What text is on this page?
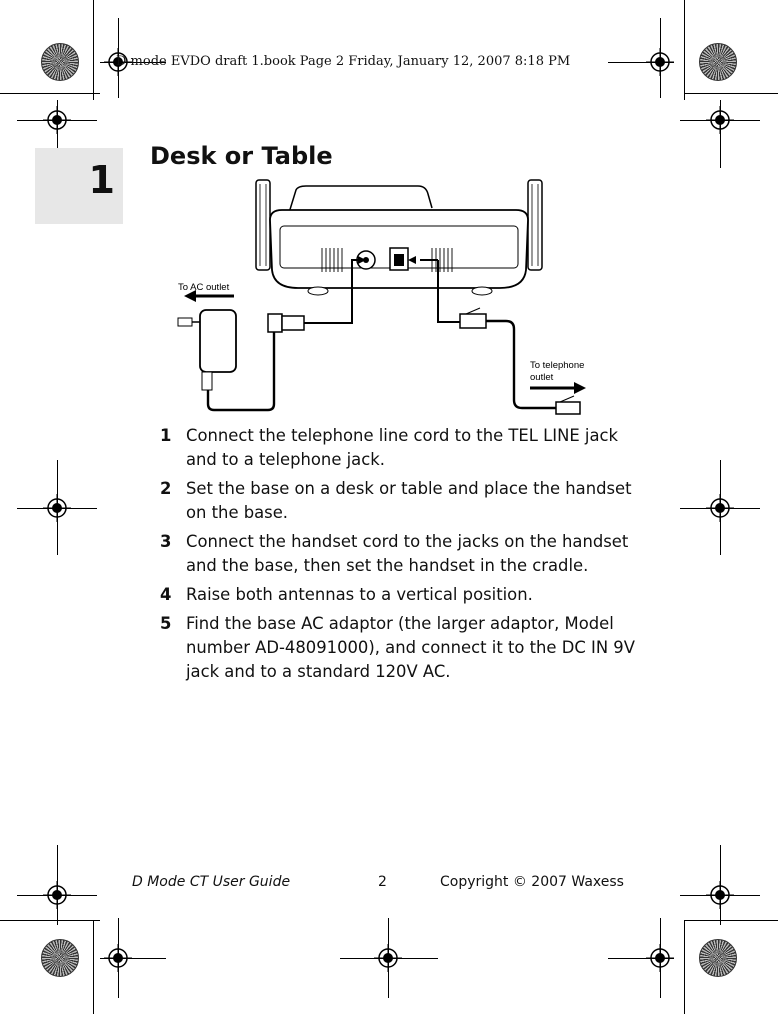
D mode EVDO draft 1.book Page 2 Friday, January 12, 2007 8:18 PM
1
Desk or Table
To AC outlet
To telephone
outlet
1 Connect the telephone line cord to the TEL LINE jack and to a telephone jack.
2 Set the base on a desk or table and place the handset on the base.
3 Connect the handset cord to the jacks on the handset and the base, then set the handset in the cradle.
4 Raise both antennas to a vertical position.
5 Find the base AC adaptor (the larger adaptor, Model number AD-48091000), and connect it to the DC IN 9V jack and to a standard 120V AC.
D Mode CT User Guide	2	Copyright © 2007 Waxess
